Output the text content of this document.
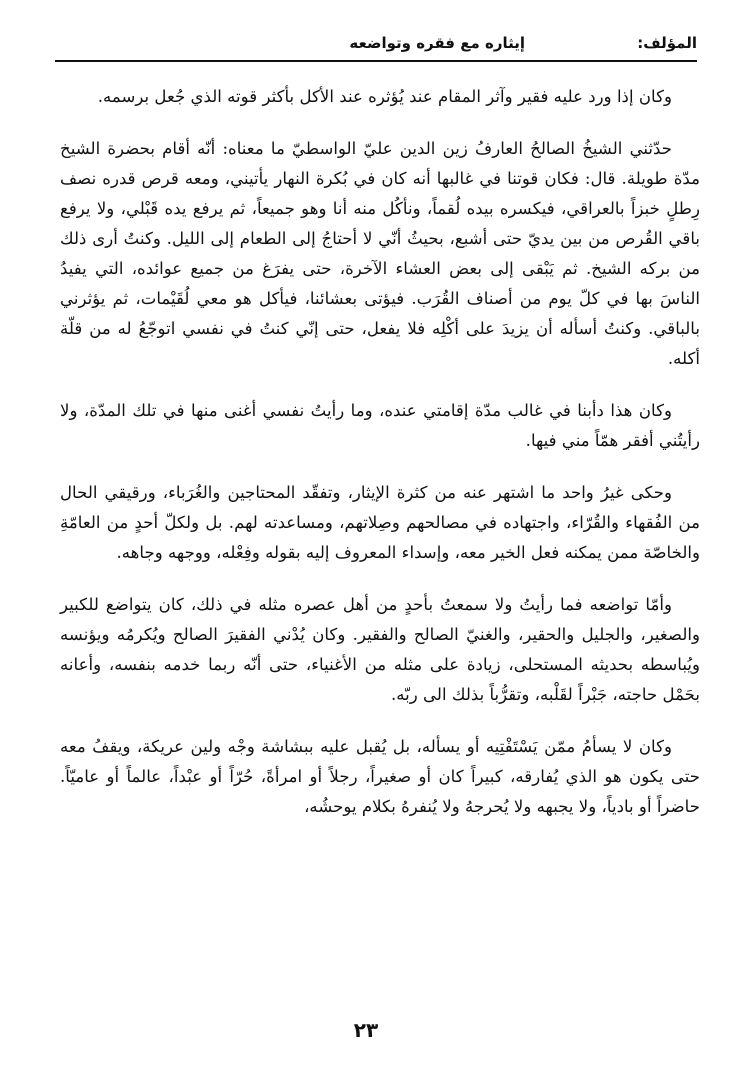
المؤلف:
إيثاره مع فقره وتواضعه

وكان إذا ورد عليه فقير وآثر المقام عند يُؤثره عند الأكل بأكثر قوته الذي جُعل برسمه.

حدّثني الشيخُ الصالحُ العارفُ زين الدين عليّ الواسطيّ ما معناه: أنّه أقام بحضرة الشيخ مدّة طويلة. قال: فكان قوتنا في غالبها أنه كان في بُكرة النهار يأتيني، ومعه قرص قدره نصف رِطلٍ خبزاً بالعراقي، فيكسره بيده لُقماً، ونأكُل منه أنا وهو جميعاً، ثم يرفع يده قَبْلي، ولا يرفع باقي القُرص من بين يديّ حتى أشبع، بحيثُ أنّي لا أحتاجُ إلى الطعام إلى الليل. وكنتُ أرى ذلك من بركه الشيخ. ثم يَبْقى إلى بعض العشاء الآخرة، حتى يفرَغ من جميع عوائده، التي يفيدُ الناسَ بها في كلّ يوم من أصناف القُرَب. فيؤتى بعشائنا، فيأكل هو معي لُقَيْمات، ثم يؤثرني بالباقي. وكنتُ أسأله أن يزيدَ على أكْلِه فلا يفعل، حتى إنّي كنتُ في نفسي اتوجّعُ له من قلّة أكله.

وكان هذا دأبنا في غالب مدّة إقامتي عنده، وما رأيتُ نفسي أغنى منها في تلك المدّة، ولا رأيتُني أفقر همّاً مني فيها.

وحكى غيرُ واحد ما اشتهر عنه من كثرة الإيثار، وتفقّد المحتاجين والغُرَباء، ورقيقي الحال من الفُقهاء والقُرّاء، واجتهاده في مصالحهم وصِلاتهم، ومساعدته لهم. بل ولكلّ أحدٍ من العامّةِ والخاصّة ممن يمكنه فعل الخير معه، وإسداء المعروف إليه بقوله وفِعْله، ووجهه وجاهه.

وأمّا تواضعه فما رأيتُ ولا سمعتُ بأحدٍ من أهل عصره مثله في ذلك، كان يتواضع للكبير والصغير، والجليل والحقير، والغنيّ الصالح والفقير. وكان يُدْني الفقيرَ الصالح ويُكرمُه ويؤنسه ويُباسطه بحديثه المستحلى، زيادة على مثله من الأغنياء، حتى أنّه ربما خدمه بنفسه، وأعانه بحَمْل حاجته، جَبْراً لقَلْبه، وتقرُّباً بذلك الى ربّه.

وكان لا يسأمُ ممّن يَسْتَفْتِيه أو يسأله، بل يُقبل عليه ببشاشة وجْه ولين عريكة، ويقفُ معه حتى يكون هو الذي يُفارقه، كبيراً كان أو صغيراً، رجلاً أو امرأةً، حُرّاً أو عبْداً، عالماً أو عاميّاً. حاضراً أو بادياً، ولا يجبهه ولا يُحرجهُ ولا يُنفرهُ بكلام يوحشُه،

٢٣
